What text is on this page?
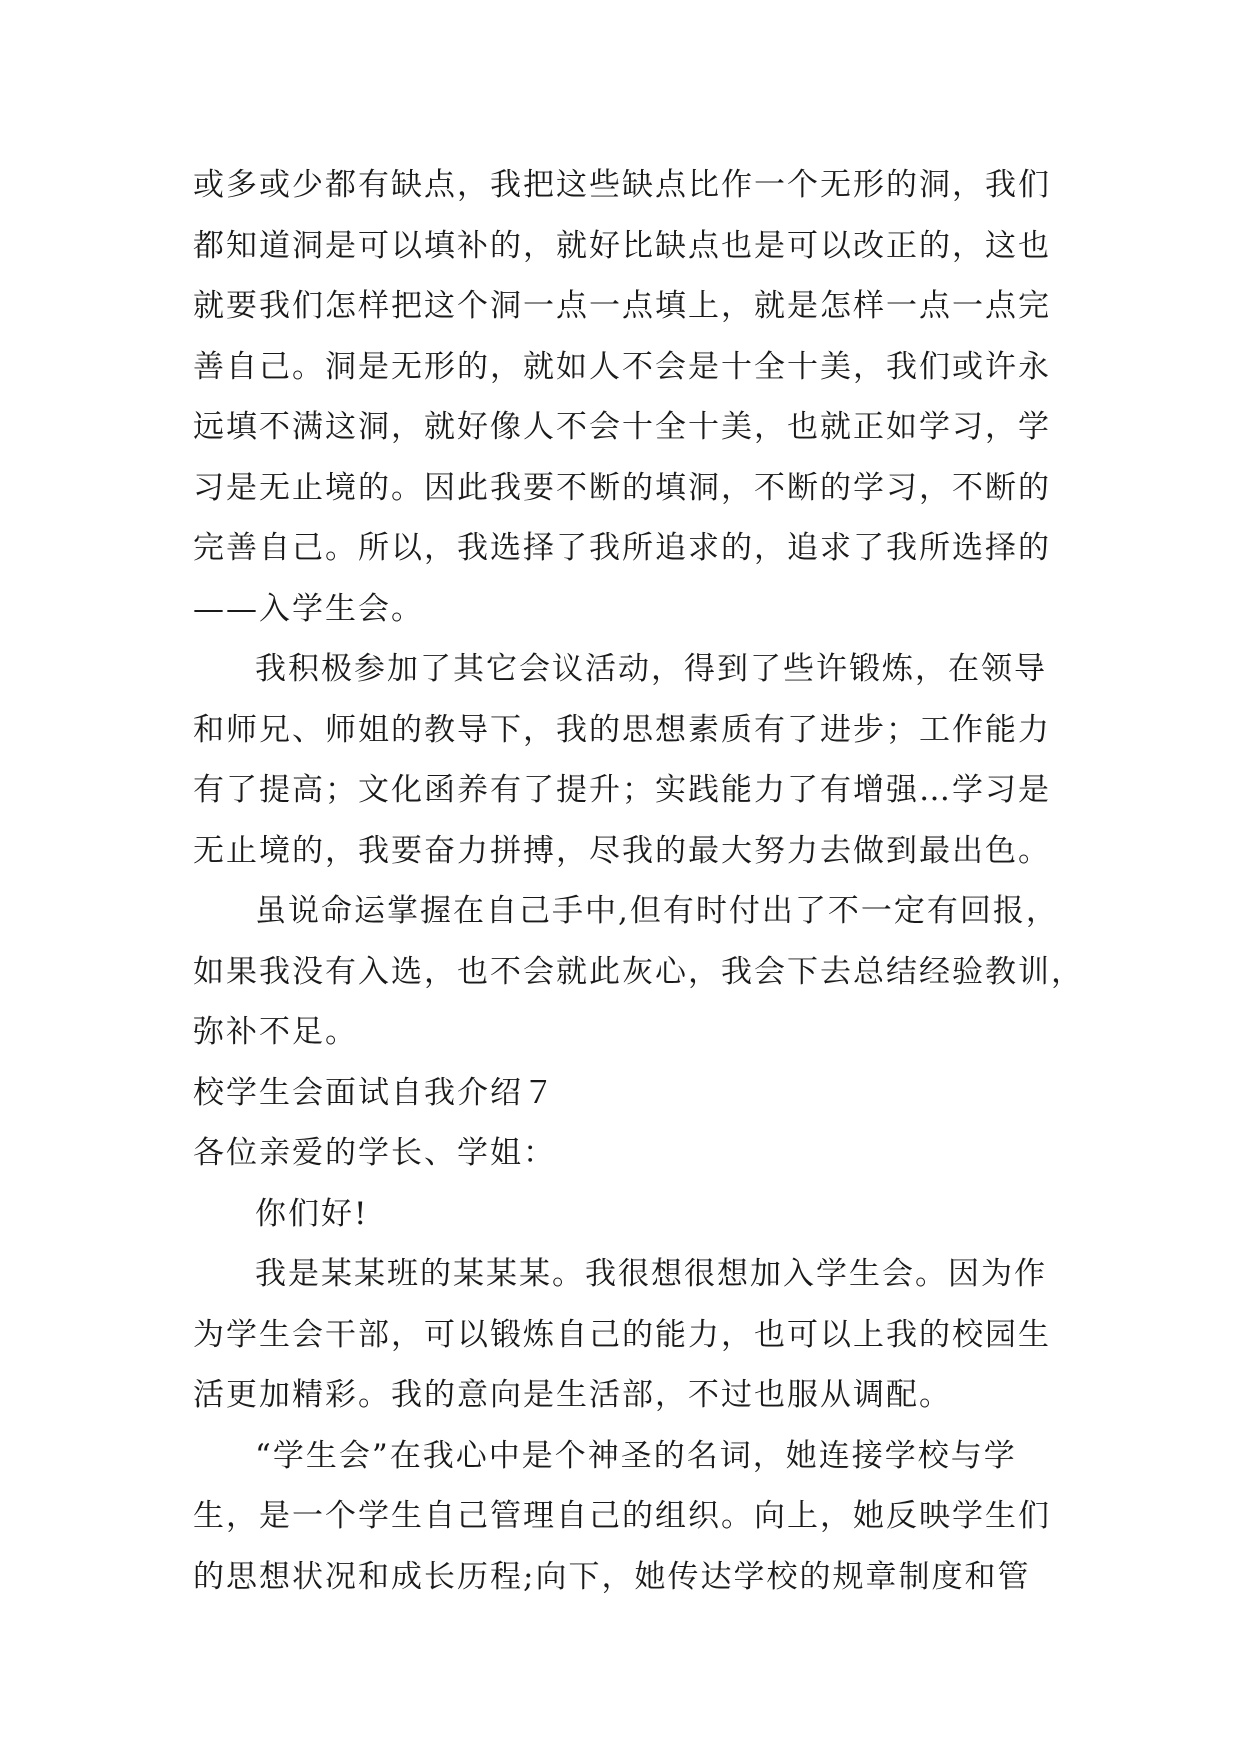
或多或少都有缺点，我把这些缺点比作一个无形的洞，我们
都知道洞是可以填补的，就好比缺点也是可以改正的，这也
就要我们怎样把这个洞一点一点填上，就是怎样一点一点完
善自己。洞是无形的，就如人不会是十全十美，我们或许永
远填不满这洞，就好像人不会十全十美，也就正如学习，学
习是无止境的。因此我要不断的填洞，不断的学习，不断的
完善自己。所以，我选择了我所追求的，追求了我所选择的
——入学生会。
我积极参加了其它会议活动，得到了些许锻炼，在领导
和师兄、师姐的教导下，我的思想素质有了进步；工作能力
有了提高；文化函养有了提升；实践能力了有增强…学习是
无止境的，我要奋力拼搏，尽我的最大努力去做到最出色。
虽说命运掌握在自己手中,但有时付出了不一定有回报，
如果我没有入选，也不会就此灰心，我会下去总结经验教训，
弥补不足。
校学生会面试自我介绍７
各位亲爱的学长、学姐：
你们好!
我是某某班的某某某。我很想很想加入学生会。因为作
为学生会干部，可以锻炼自己的能力，也可以上我的校园生
活更加精彩。我的意向是生活部，不过也服从调配。
“学生会”在我心中是个神圣的名词，她连接学校与学
生，是一个学生自己管理自己的组织。向上，她反映学生们
的思想状况和成长历程;向下，她传达学校的规章制度和管
